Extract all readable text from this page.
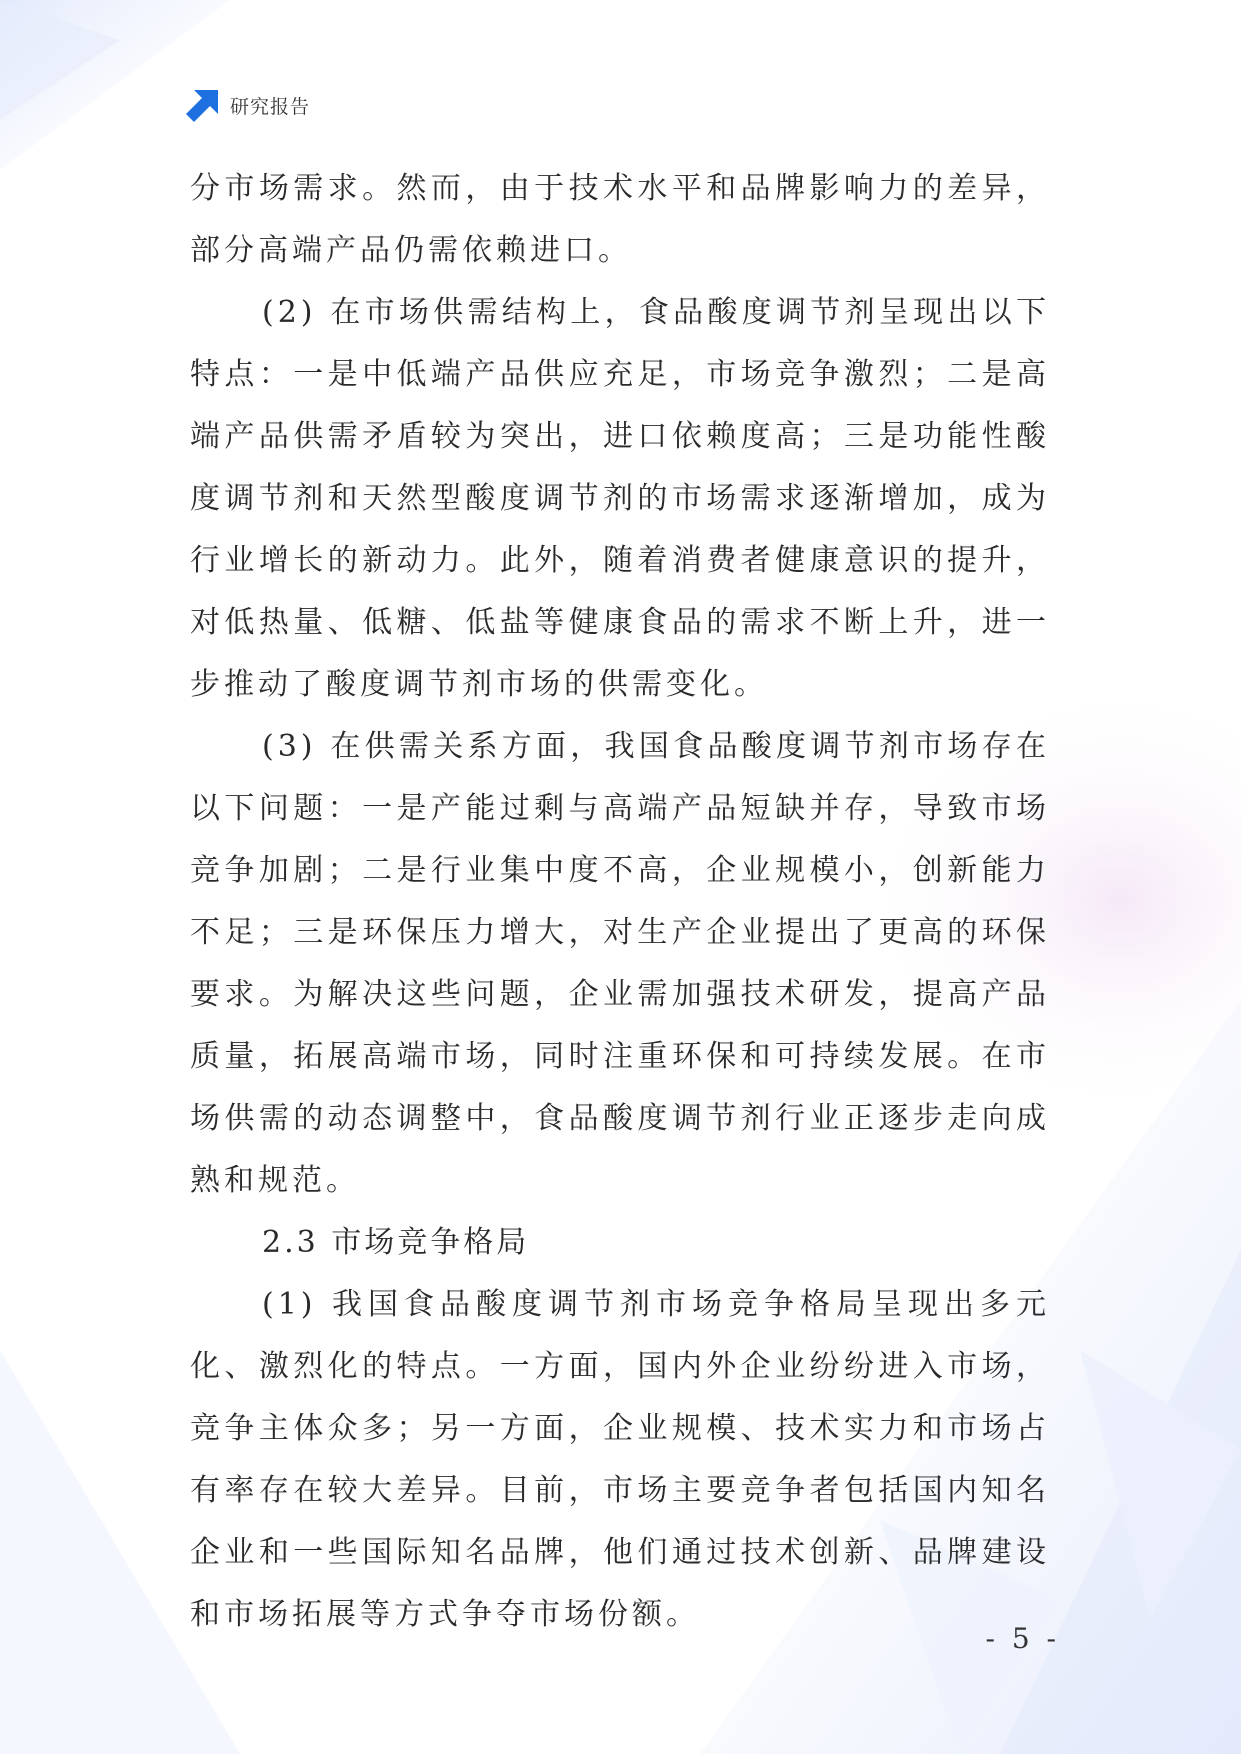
研究报告

分市场需求。然而，由于技术水平和品牌影响力的差异，部分高端产品仍需依赖进口。

(2) 在市场供需结构上，食品酸度调节剂呈现出以下特点：一是中低端产品供应充足，市场竞争激烈；二是高端产品供需矛盾较为突出，进口依赖度高；三是功能性酸度调节剂和天然型酸度调节剂的市场需求逐渐增加，成为行业增长的新动力。此外，随着消费者健康意识的提升，对低热量、低糖、低盐等健康食品的需求不断上升，进一步推动了酸度调节剂市场的供需变化。

(3) 在供需关系方面，我国食品酸度调节剂市场存在以下问题：一是产能过剩与高端产品短缺并存，导致市场竞争加剧；二是行业集中度不高，企业规模小，创新能力不足；三是环保压力增大，对生产企业提出了更高的环保要求。为解决这些问题，企业需加强技术研发，提高产品质量，拓展高端市场，同时注重环保和可持续发展。在市场供需的动态调整中，食品酸度调节剂行业正逐步走向成熟和规范。

2.3 市场竞争格局

(1) 我国食品酸度调节剂市场竞争格局呈现出多元化、激烈化的特点。一方面，国内外企业纷纷进入市场，竞争主体众多；另一方面，企业规模、技术实力和市场占有率存在较大差异。目前，市场主要竞争者包括国内知名企业和一些国际知名品牌，他们通过技术创新、品牌建设和市场拓展等方式争夺市场份额。

- 5 -
